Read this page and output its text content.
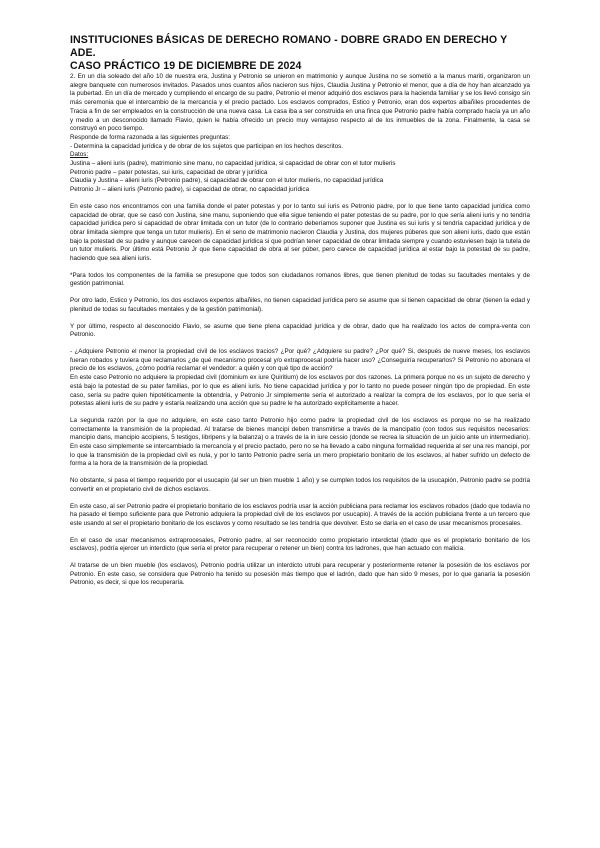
INSTITUCIONES BÁSICAS DE DERECHO ROMANO - DOBRE GRADO EN DERECHO Y ADE.
CASO PRÁCTICO 19 DE DICIEMBRE DE 2024

2. En un día soleado del año 10 de nuestra era, Justina y Petronio se unieron en matrimonio y aunque Justina no se sometió a la manus mariti, organizaron un alegre banquete con numerosos invitados. Pasados unos cuantos años nacieron sus hijos, Claudia Justina y Petronio el menor, que a día de hoy han alcanzado ya la pubertad. En un día de mercado y cumpliendo el encargo de su padre, Petronio el menor adquirió dos esclavos para la hacienda familiar y se los llevó consigo sin más ceremonia que el intercambio de la mercancía y el precio pactado. Los esclavos comprados, Estico y Petronio, eran dos expertos albañiles procedentes de Tracia a fin de ser empleados en la construcción de una nueva casa. La casa iba a ser construida en una finca que Petronio padre había comprado hacía ya un año y medio a un desconocido llamado Flavio, quien le había ofrecido un precio muy ventajoso respecto al de los inmuebles de la zona. Finalmente, la casa se construyó en poco tiempo.

Responde de forma razonada a las siguientes preguntas:

- Determina la capacidad jurídica y de obrar de los sujetos que participan en los hechos descritos.

Datos:

Justina – alieni iuris (padre), matrimonio sine manu, no capacidad jurídica, si capacidad de obrar con el tutor mulieris

Petronio padre – pater potestas, sui iuris, capacidad de obrar y jurídica

Claudia y Justina – alieni iuris (Petronio padre), si capacidad de obrar con el tutor mulieris, no capacidad jurídica

Petronio Jr – alieni iuris (Petronio padre), si capacidad de obrar, no capacidad jurídica

En este caso nos encontramos con una familia donde el pater potestas y por lo tanto sui iuris es Petronio padre, por lo que tiene tanto capacidad jurídica como capacidad de obrar, que se casó con Justina, sine manu, suponiendo que ella sigue teniendo el pater potestas de su padre, por lo que sería alieni iuris y no tendría capacidad jurídica pero si capacidad de obrar limitada con un tutor (de lo contrario deberíamos suponer que Justina es sui iuris y si tendría capacidad jurídica y de obrar limitada siempre que tenga un tutor mulieris). En el seno de matrimonio nacieron Claudia y Justina, dos mujeres púberes que son alieni iuris, dado que están bajo la potestad de su padre y aunque carecen de capacidad jurídica si que podrían tener capacidad de obrar limitada siempre y cuando estuviesen bajo la tutela de un tutor mulieris. Por último está Petronio Jr que tiene capacidad de obra al ser púber, pero carece de capacidad jurídica al estar bajo la potestad de su padre, haciendo que sea alieni iuris.

*Para todos los componentes de la familia se presupone que todos son ciudadanos romanos libres, que tienen plenitud de todas su facultades mentales y de gestión patrimonial.

Por otro lado, Estico y Petronio, los dos esclavos expertos albañiles, no tienen capacidad jurídica pero se asume que si tienen capacidad de obrar (tienen la edad y plenitud de todas su facultades mentales y de la gestión patrimonial).

Y por último, respecto al desconocido Flavio, se asume que tiene plena capacidad jurídica y de obrar, dado que ha realizado los actos de compra-venta con Petronio.

- ¿Adquiere Petronio el menor la propiedad civil de los esclavos tracios? ¿Por qué? ¿Adquiere su padre? ¿Por qué? Si, después de nueve meses, los esclavos fueran robados y tuviera que reclamarlos ¿de qué mecanismo procesal y/o extraprocesal podría hacer uso? ¿Conseguiría recuperarlos? Si Petronio no abonara el precio de los esclavos, ¿cómo podría reclamar el vendedor: a quién y con qué tipo de acción?

En este caso Petronio no adquiere la propiedad civil (dominium ex iure Quiritium) de los esclavos por dos razones. La primera porque no es un sujeto de derecho y está bajo la potestad de su pater familias, por lo que es alieni iuris. No tiene capacidad jurídica y por lo tanto no puede poseer ningún tipo de propiedad. En este caso, sería su padre quien hipotéticamente la obtendría, y Petronio Jr simplemente sería el autorizado a realizar la compra de los esclavos, por lo que sería el potestas alieni iuris de su padre y estaría realizando una acción que su padre le ha autorizado explícitamente a hacer.

La segunda razón por la que no adquiere, en este caso tanto Petronio hijo como padre la propiedad civil de los esclavos es porque no se ha realizado correctamente la transmisión de la propiedad. Al tratarse de bienes mancipi deben transmitirse a través de la mancipatio (con todos sus requisitos necesarios: mancipio dans, mancipio accipiens, 5 testigos, libripens y la balanza) o a través de la in iure cessio (donde se recrea la situación de un juicio ante un intermediario). En este caso simplemente se intercambiado la mercancía y el precio pactado, pero no se ha llevado a cabo ninguna formalidad requerida al ser una res mancipi, por lo que la transmisión de la propiedad civil es nula, y por lo tanto Petronio padre sería un mero propietario bonitario de los esclavos, al haber sufrido un defecto de forma a la hora de la transmisión de la propiedad.

No obstante, si pasa el tiempo requerido por el usucapio (al ser un bien mueble 1 año) y se cumplen todos los requisitos de la usucapión, Petronio padre se podría convertir en el propietario civil de dichos esclavos.

En este caso, al ser Petronio padre el propietario bonitario de los esclavos podría usar la acción publiciana para reclamar los esclavos robados (dado que todavía no ha pasado el tiempo suficiente para que Petronio adquiera la propiedad civil de los esclavos por usucapio). A través de la acción publiciana frente a un tercero que este usando al ser el propietario bonitario de los esclavos y como resultado se les tendría que devolver. Esto se daría en el caso de usar mecanismos procesales.

En el caso de usar mecanismos extraprocesales, Petronio padre, al ser reconocido como propietario interdictal (dado que es el propietario bonitario de los esclavos), podría ejercer un interdicto (que sería el pretor para recuperar o retener un bien) contra los ladrones, que han actuado con malicia.

Al tratarse de un bien mueble (los esclavos), Petronio podría utilizar un interdicto utrubi para recuperar y posteriormente retener la posesión de los esclavos por Petronio. En este caso, se considera que Petronio ha tenido su posesión más tiempo que el ladrón, dado que han sido 9 meses, por lo que ganaría la posesión Petronio, es decir, si que los recuperaría.
